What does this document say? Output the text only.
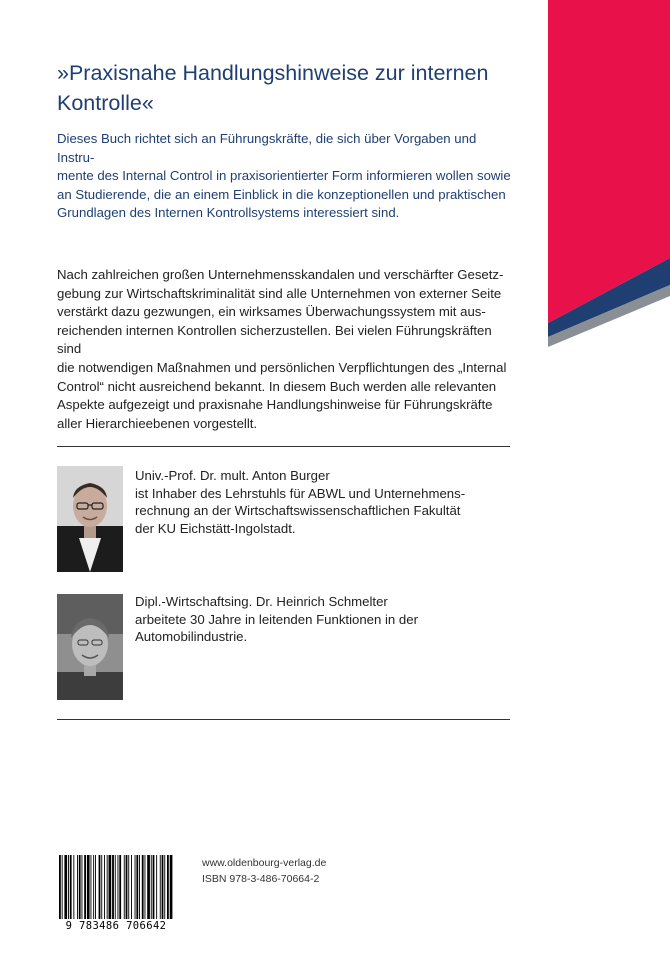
»Praxisnahe Handlungshinweise zur internen
Kontrolle«
Dieses Buch richtet sich an Führungskräfte, die sich über Vorgaben und Instru-
mente des Internal Control in praxisorientierter Form informieren wollen sowie
an Studierende, die an einem Einblick in die konzeptionellen und praktischen
Grundlagen des Internen Kontrollsystems interessiert sind.
Nach zahlreichen großen Unternehmensskandalen und verschärfter Gesetz-
gebung zur Wirtschaftskriminalität sind alle Unternehmen von externer Seite
verstärkt dazu gezwungen, ein wirksames Überwachungssystem mit aus-
reichenden internen Kontrollen sicherzustellen. Bei vielen Führungskräften sind
die notwendigen Maßnahmen und persönlichen Verpflichtungen des „Internal
Control“ nicht ausreichend bekannt. In diesem Buch werden alle relevanten
Aspekte aufgezeigt und praxisnahe Handlungshinweise für Führungskräfte
aller Hierarchieebenen vorgestellt.
Univ.-Prof. Dr. mult. Anton Burger
ist Inhaber des Lehrstuhls für ABWL und Unternehmens-
rechnung an der Wirtschaftswissenschaftlichen Fakultät
der KU Eichstätt-Ingolstadt.
Dipl.-Wirtschaftsing. Dr. Heinrich Schmelter
arbeitete 30 Jahre in leitenden Funktionen in der
Automobilindustrie.
9 783486 706642
www.oldenbourg-verlag.de
ISBN 978-3-486-70664-2
